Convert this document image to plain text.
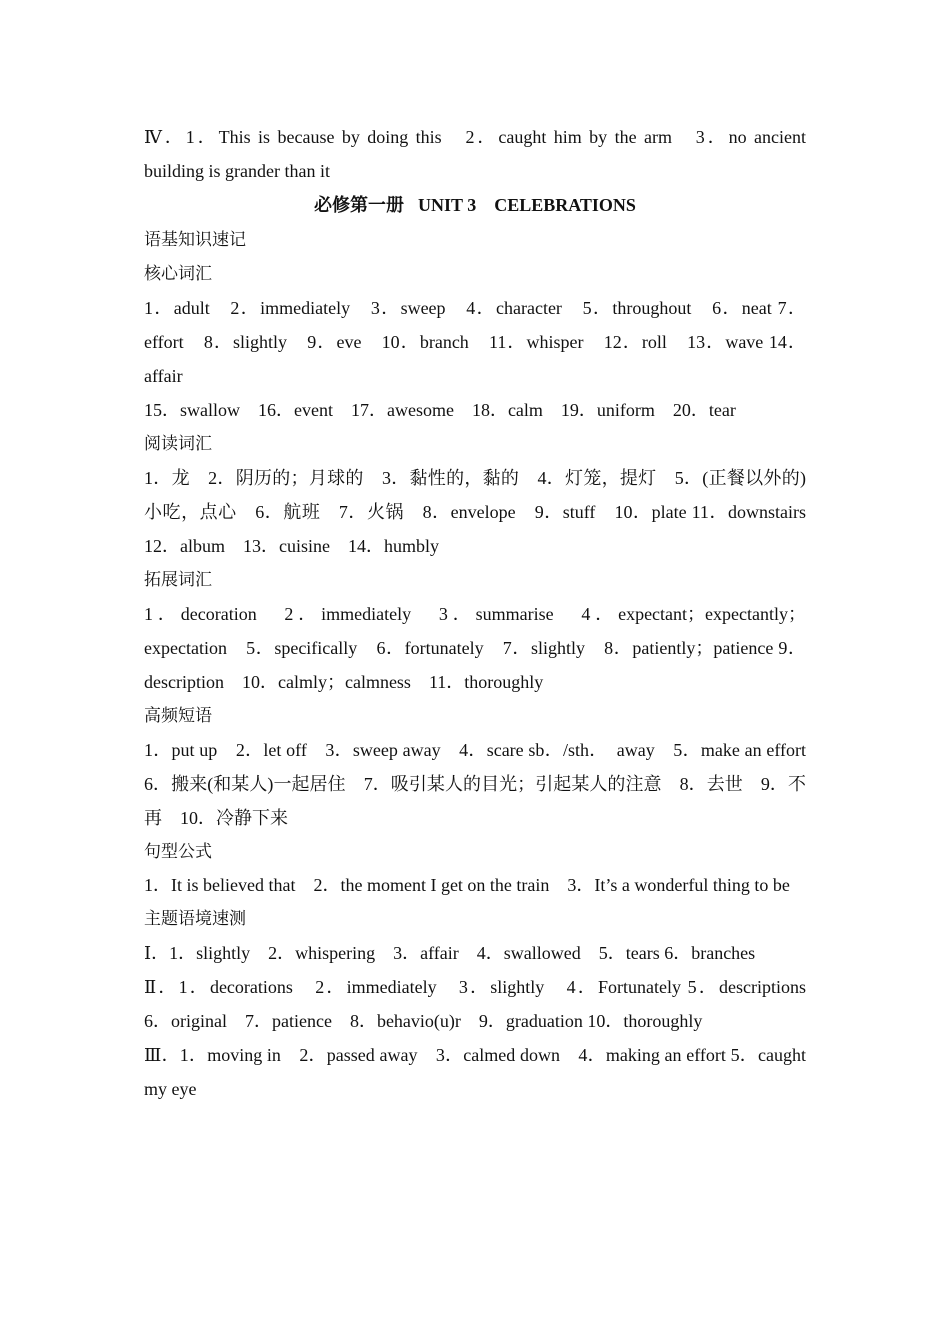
Ⅳ．1．This is because by doing this　2．caught him by the arm　3．no ancient building is grander than it

必修第一册 UNIT 3　CELEBRATIONS

语基知识速记

核心词汇

1．adult　2．immediately　3．sweep　4．character　5．throughout　6．neat 7．effort　8．slightly　9．eve　10．branch　11．whisper　12．roll　13．wave 14．affair

15．swallow　16．event　17．awesome　18．calm　19．uniform　20．tear

阅读词汇

1．龙　2．阴历的；月球的　3．黏性的，黏的　4．灯笼，提灯　5．(正餐以外的)小吃，点心　6．航班　7．火锅　8．envelope　9．stuff　10．plate 11．downstairs　12．album　13．cuisine　14．humbly

拓展词汇

1．decoration　2．immediately　3．summarise　4．expectant；expectantly；expectation　5．specifically　6．fortunately　7．slightly　8．patiently；patience 9．description　10．calmly；calmness　11．thoroughly

高频短语

1．put up　2．let off　3．sweep away　4．scare sb．/sth．　away　5．make an effort　6．搬来(和某人)一起居住　7．吸引某人的目光；引起某人的注意　8．去世　9．不再　10．冷静下来

句型公式

1．It is believed that　2．the moment I get on the train　3．It’s a wonderful thing to be

主题语境速测

Ⅰ．1．slightly　2．whispering　3．affair　4．swallowed　5．tears 6．branches

Ⅱ．1．decorations　2．immediately　3．slightly　4．Fortunately 5．descriptions　6．original　7．patience　8．behavio(u)r　9．graduation 10．thoroughly

Ⅲ．1．moving in　2．passed away　3．calmed down　4．making an effort 5．caught my eye
